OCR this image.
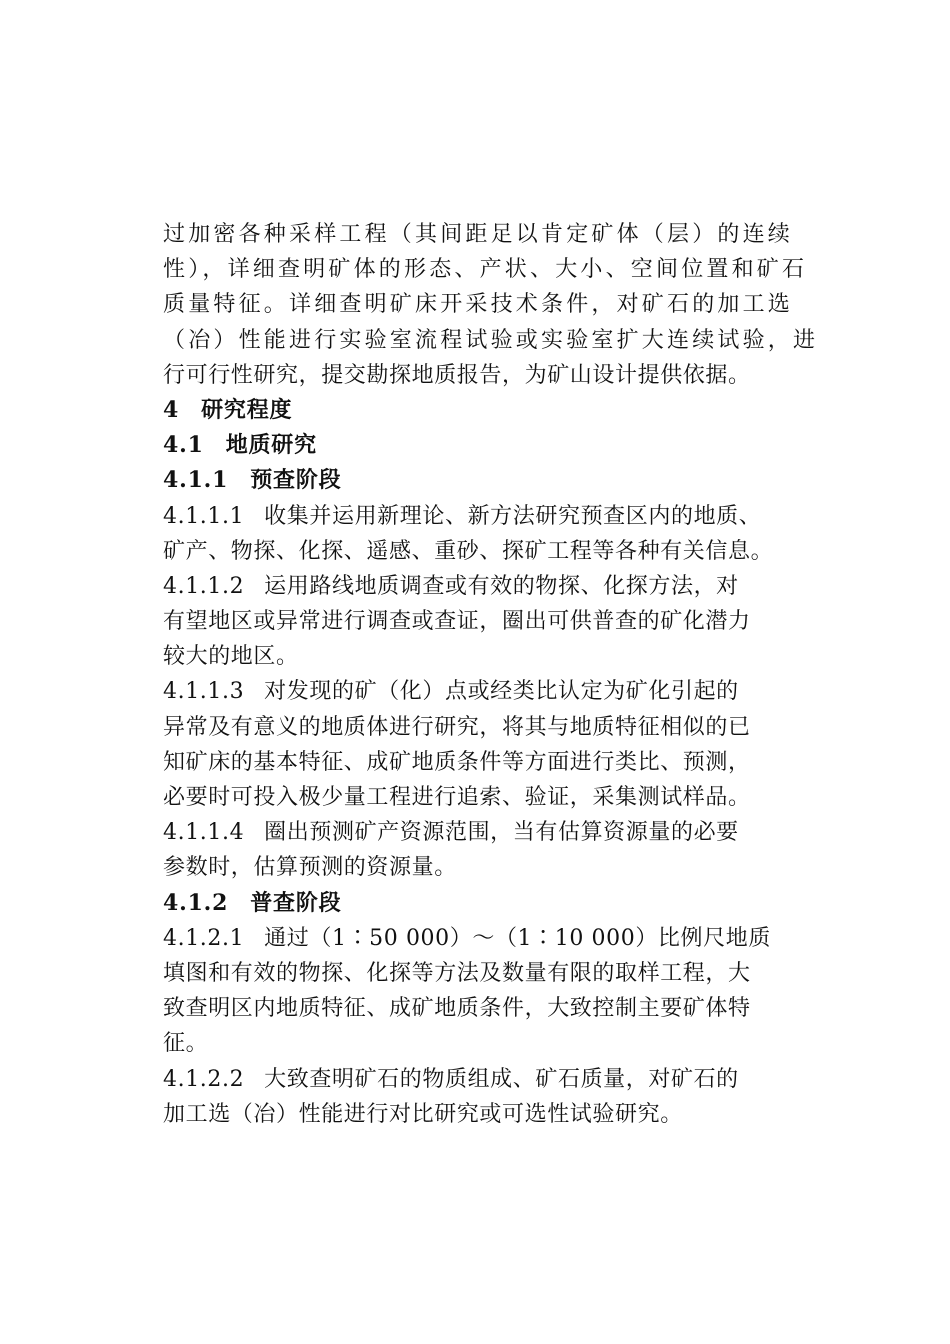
过加密各种采样工程（其间距足以肯定矿体（层）的连续
性），详细查明矿体的形态、产状、大小、空间位置和矿石
质量特征。详细查明矿床开采技术条件，对矿石的加工选
（冶）性能进行实验室流程试验或实验室扩大连续试验，进
行可行性研究，提交勘探地质报告，为矿山设计提供依据。
4 研究程度
4.1 地质研究
4.1.1 预查阶段
4.1.1.1 收集并运用新理论、新方法研究预查区内的地质、
矿产、物探、化探、遥感、重砂、探矿工程等各种有关信息。
4.1.1.2 运用路线地质调查或有效的物探、化探方法，对
有望地区或异常进行调查或查证，圈出可供普查的矿化潜力
较大的地区。
4.1.1.3 对发现的矿（化）点或经类比认定为矿化引起的
异常及有意义的地质体进行研究，将其与地质特征相似的已
知矿床的基本特征、成矿地质条件等方面进行类比、预测，
必要时可投入极少量工程进行追索、验证，采集测试样品。
4.1.1.4 圈出预测矿产资源范围，当有估算资源量的必要
参数时，估算预测的资源量。
4.1.2 普查阶段
4.1.2.1 通过（1∶50 000）～（1∶10 000）比例尺地质
填图和有效的物探、化探等方法及数量有限的取样工程，大
致查明区内地质特征、成矿地质条件，大致控制主要矿体特
征。
4.1.2.2 大致查明矿石的物质组成、矿石质量，对矿石的
加工选（冶）性能进行对比研究或可选性试验研究。
